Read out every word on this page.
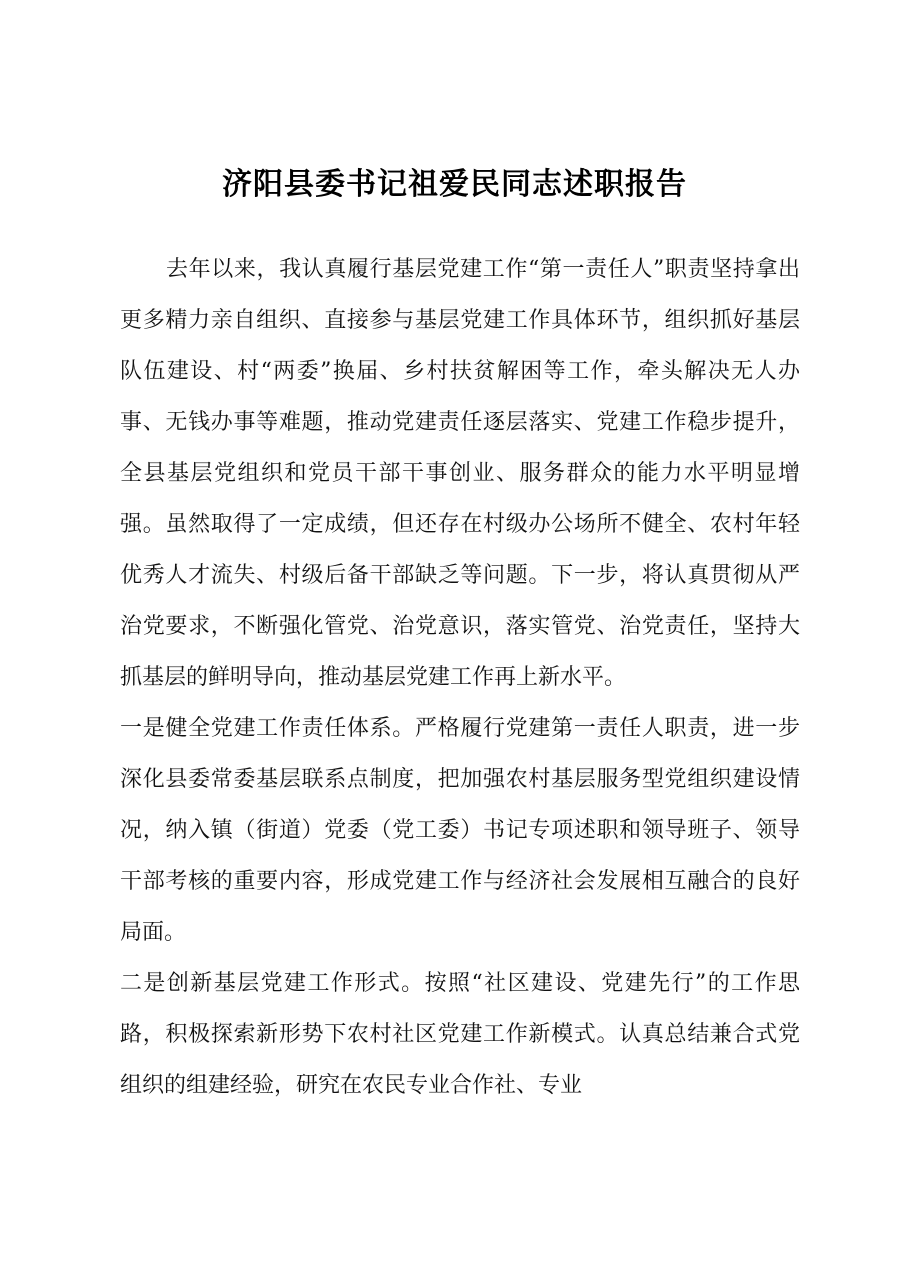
济阳县委书记祖爱民同志述职报告

去年以来，我认真履行基层党建工作“第一责任人”职责坚持拿出更多精力亲自组织、直接参与基层党建工作具体环节，组织抓好基层队伍建设、村“两委”换届、乡村扶贫解困等工作，牵头解决无人办事、无钱办事等难题，推动党建责任逐层落实、党建工作稳步提升，全县基层党组织和党员干部干事创业、服务群众的能力水平明显增强。虽然取得了一定成绩，但还存在村级办公场所不健全、农村年轻优秀人才流失、村级后备干部缺乏等问题。下一步，将认真贯彻从严治党要求，不断强化管党、治党意识，落实管党、治党责任，坚持大抓基层的鲜明导向，推动基层党建工作再上新水平。

一是健全党建工作责任体系。严格履行党建第一责任人职责，进一步深化县委常委基层联系点制度，把加强农村基层服务型党组织建设情况，纳入镇（街道）党委（党工委）书记专项述职和领导班子、领导干部考核的重要内容，形成党建工作与经济社会发展相互融合的良好局面。

二是创新基层党建工作形式。按照“社区建设、党建先行”的工作思路，积极探索新形势下农村社区党建工作新模式。认真总结兼合式党组织的组建经验，研究在农民专业合作社、专业
